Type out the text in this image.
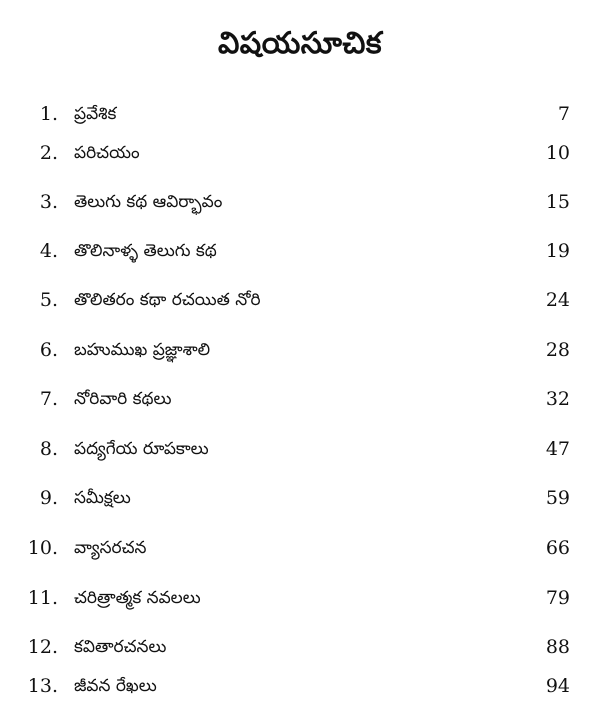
విషయసూచిక
1. ప్రవేశిక	7
2. పరిచయం	10
3. తెలుగు కథ ఆవిర్భావం	15
4. తొలినాళ్ళ తెలుగు కథ	19
5. తొలితరం కథా రచయిత నోరి	24
6. బహుముఖ ప్రజ్ఞాశాలి	28
7. నోరివారి కథలు	32
8. పద్యగేయ రూపకాలు	47
9. సమీక్షలు	59
10. వ్యాసరచన	66
11. చరిత్రాత్మక నవలలు	79
12. కవితారచనలు	88
13. జీవన రేఖలు	94
